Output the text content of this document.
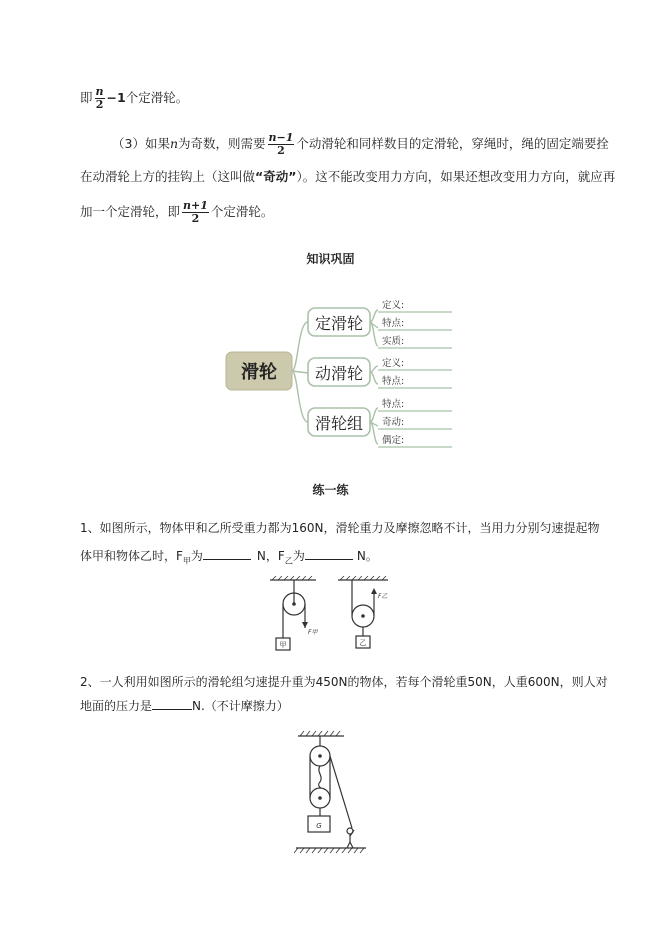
即 $\frac{n}{2} -1$个定滑轮。
（3）如果n为奇数，则需要 $\frac{n-1}{2}$ 个动滑轮和同样数目的定滑轮，穿绳时，绳的固定端要拴
在动滑轮上方的挂钩上（这叫做“奇动”）。这不能改变用力方向，如果还想改变用力方向，就应再
加一个定滑轮，即 $\frac{n+1}{2}$ 个定滑轮。
知识巩固
滑轮
定滑轮
定义:
特点:
实质:
动滑轮
定义:
特点:
滑轮组
特点:
奇动:
偶定:
练一练
1、如图所示，物体甲和乙所受重力都为160N，滑轮重力及摩擦忽略不计，当用力分别匀速提起物
体甲和物体乙时，$F_甲$为	N，$F_乙$为	N。
F甲
甲
F乙
乙
2、一人利用如图所示的滑轮组匀速提升重为450N的物体，若每个滑轮重50N，人重600N，则人对
地面的压力是	N.（不计摩擦力）
G
